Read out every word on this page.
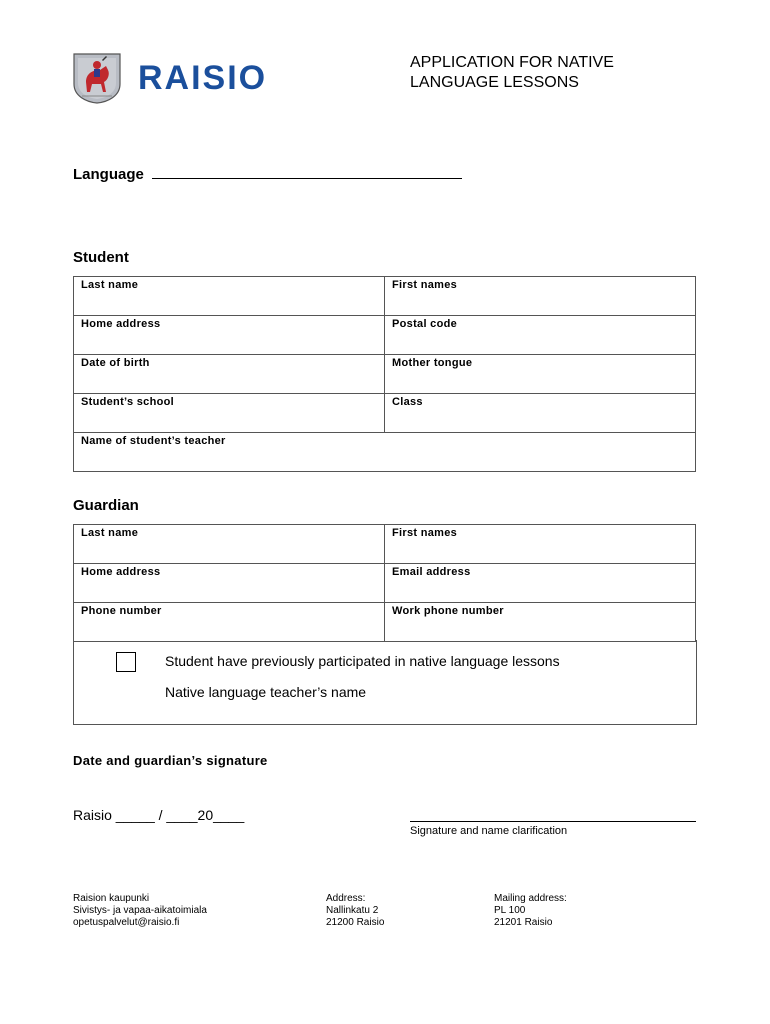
RAISIO	APPLICATION FOR NATIVE
LANGUAGE LESSONS
Language
Student
Last name	First names
Home address	Postal code
Date of birth	Mother tongue
Student’s school	Class
Name of student’s teacher	
Guardian
Last name	First names
Home address	Email address
Phone number	Work phone number
Student have previously participated in native language lessons
Native language teacher’s name
Date and guardian’s signature
Raisio _____ / ____20____
Signature and name clarification
Raision kaupunki
Sivistys- ja vapaa-aikatoimiala
opetuspalvelut@raisio.fi
Address:
Nallinkatu 2
21200 Raisio
Mailing address:
PL 100
21201 Raisio
